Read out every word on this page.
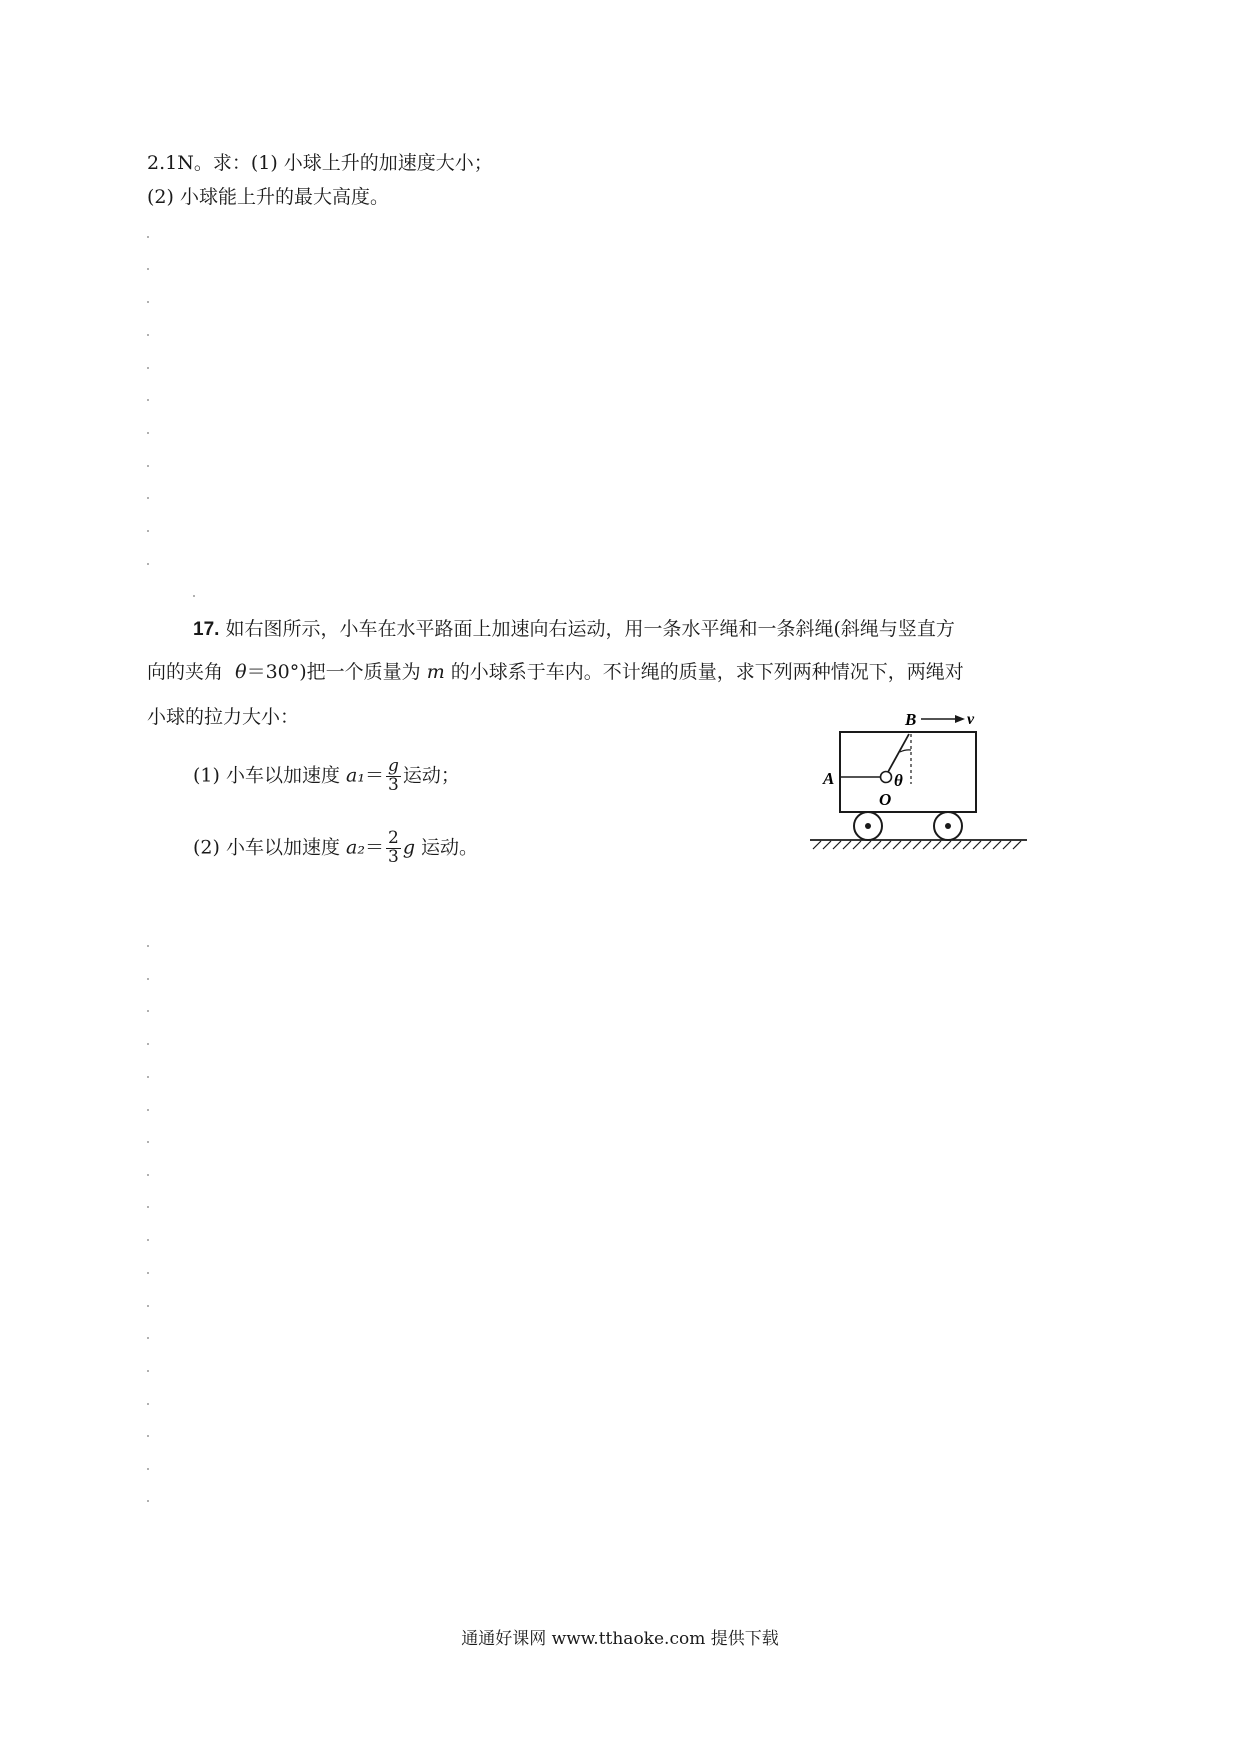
2.1N。求：(1) 小球上升的加速度大小；
(2) 小球能上升的最大高度。
17. 如右图所示，小车在水平路面上加速向右运动，用一条水平绳和一条斜绳(斜绳与竖直方
向的夹角 θ＝30°)把一个质量为 m 的小球系于车内。不计绳的质量，求下列两种情况下，两绳对
小球的拉力大小：
(1) 小车以加速度 $a_1= \frac{g}{3}$ 运动；
(2) 小车以加速度 $a_2= \frac{2}{3}$ g 运动。
B	v
θ
A
O
通通好课网 www.tthaoke.com 提供下载
